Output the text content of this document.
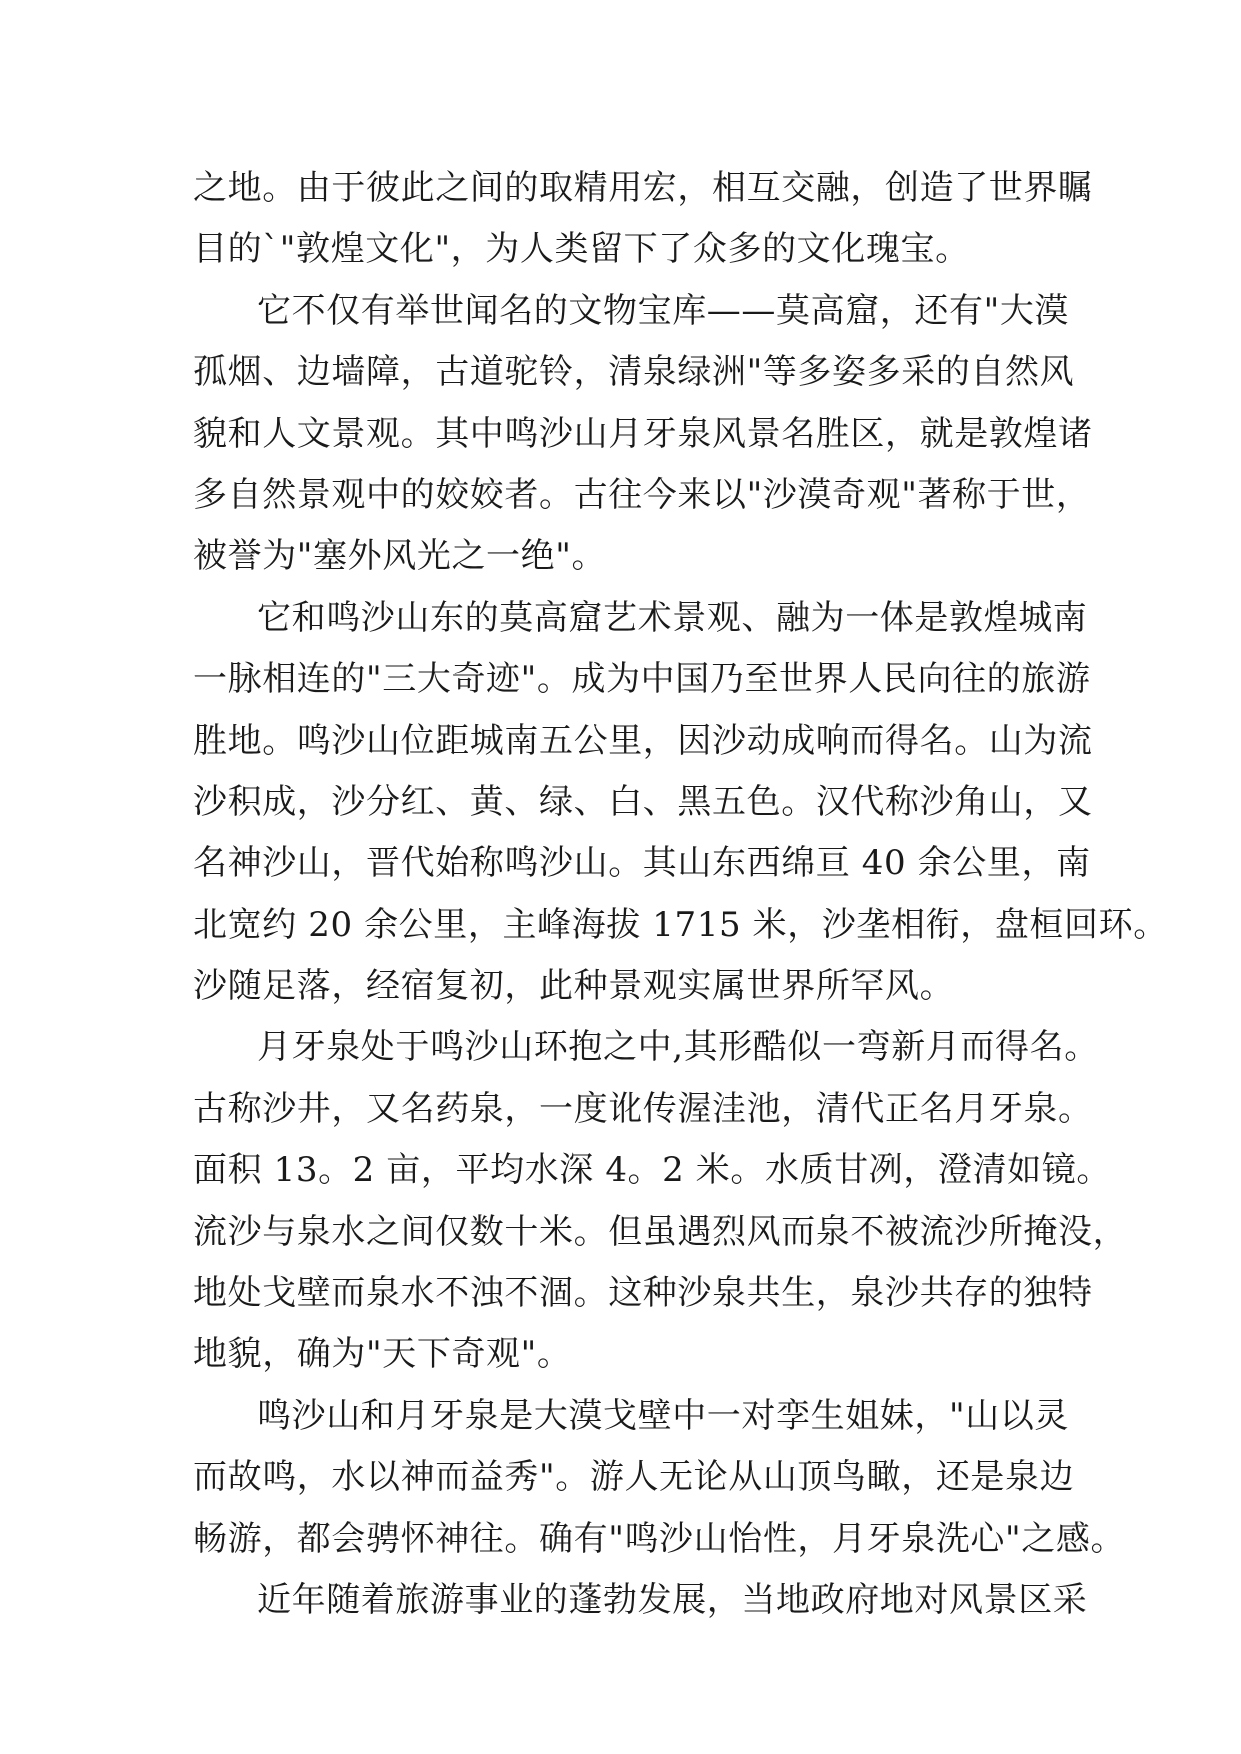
之地。由于彼此之间的取精用宏，相互交融，创造了世界瞩
目的`"敦煌文化"，为人类留下了众多的文化瑰宝。
它不仅有举世闻名的文物宝库——莫高窟，还有"大漠
孤烟、边墙障，古道驼铃，清泉绿洲"等多姿多采的自然风
貌和人文景观。其中鸣沙山月牙泉风景名胜区，就是敦煌诸
多自然景观中的姣姣者。古往今来以"沙漠奇观"著称于世，
被誉为"塞外风光之一绝"。
它和鸣沙山东的莫高窟艺术景观、融为一体是敦煌城南
一脉相连的"三大奇迹"。成为中国乃至世界人民向往的旅游
胜地。鸣沙山位距城南五公里，因沙动成响而得名。山为流
沙积成，沙分红、黄、绿、白、黑五色。汉代称沙角山，又
名神沙山，晋代始称鸣沙山。其山东西绵亘 40 余公里，南
北宽约 20 余公里，主峰海拔 1715 米，沙垄相衔，盘桓回环。
沙随足落，经宿复初，此种景观实属世界所罕风。
月牙泉处于鸣沙山环抱之中,其形酷似一弯新月而得名。
古称沙井，又名药泉，一度讹传渥洼池，清代正名月牙泉。
面积 13。2 亩，平均水深 4。2 米。水质甘冽，澄清如镜。
流沙与泉水之间仅数十米。但虽遇烈风而泉不被流沙所掩没，
地处戈壁而泉水不浊不涸。这种沙泉共生，泉沙共存的独特
地貌，确为"天下奇观"。
鸣沙山和月牙泉是大漠戈壁中一对孪生姐妹，"山以灵
而故鸣，水以神而益秀"。游人无论从山顶鸟瞰，还是泉边
畅游，都会骋怀神往。确有"鸣沙山怡性，月牙泉洗心"之感。
近年随着旅游事业的蓬勃发展，当地政府地对风景区采
